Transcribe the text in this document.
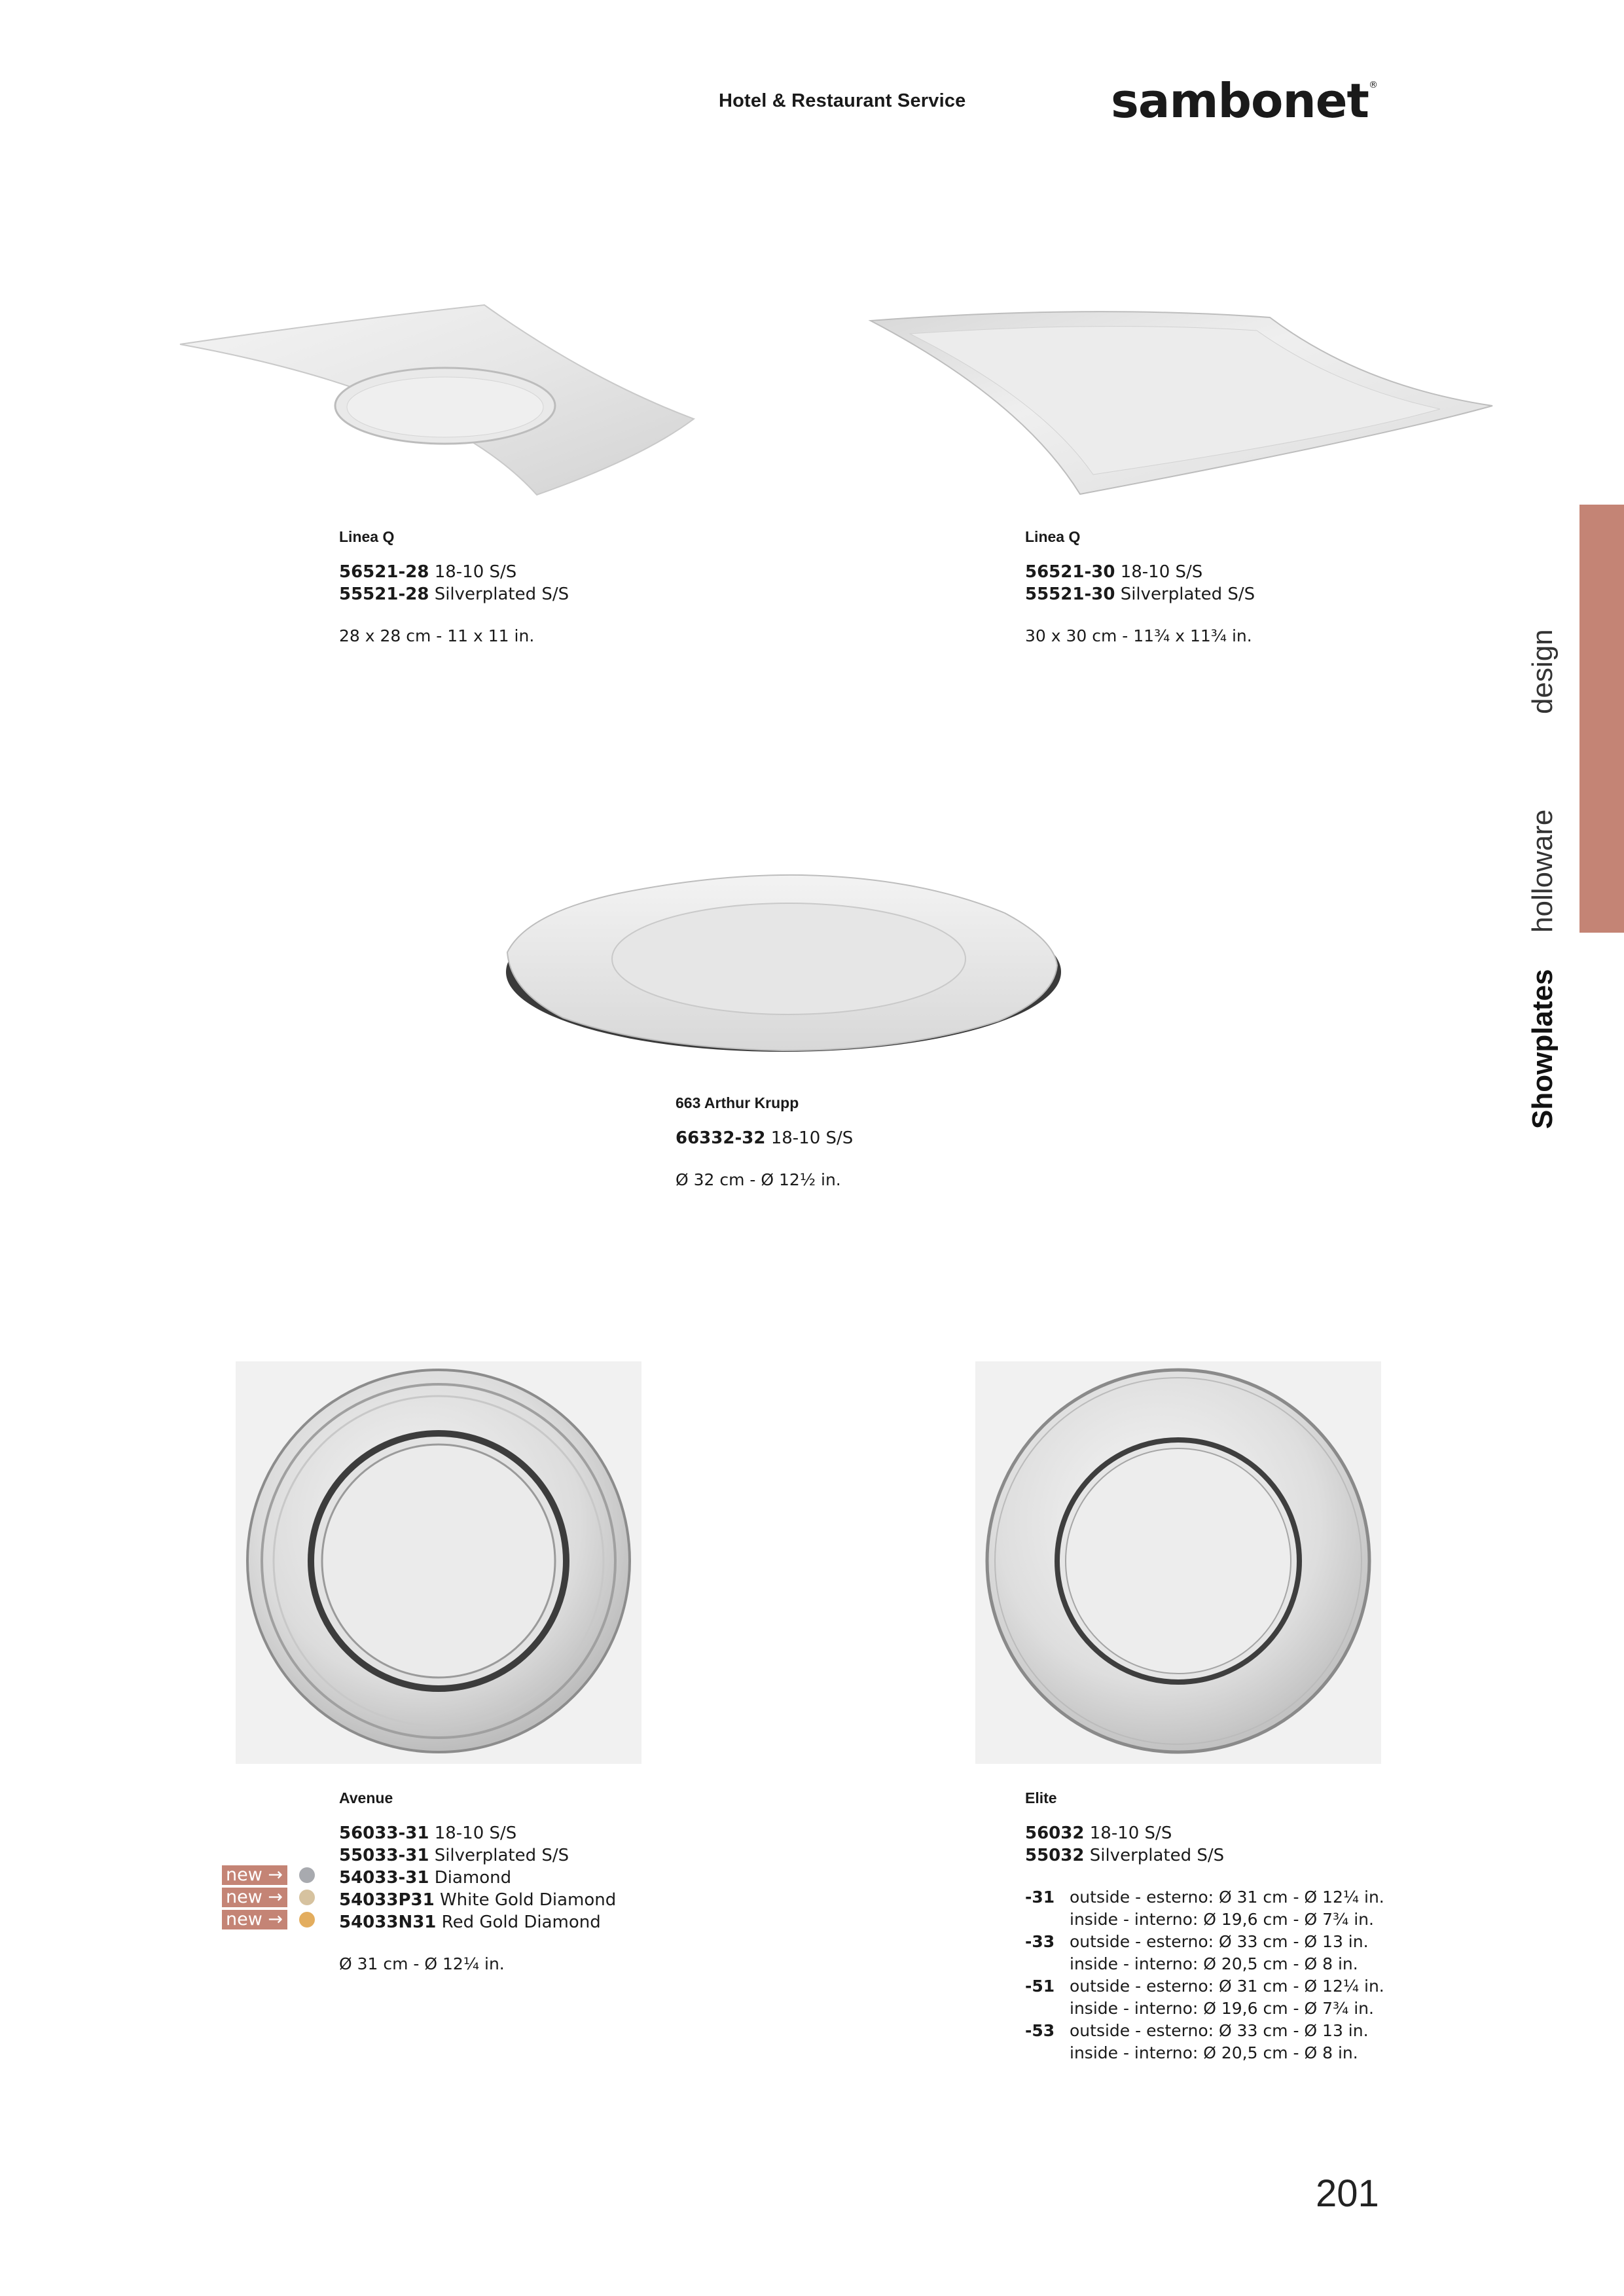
Hotel & Restaurant Service	sambonet®
design
holloware
Showplates
Linea Q
56521-28 18-10 S/S
55521-28 Silverplated S/S
28 x 28 cm - 11 x 11 in.
Linea Q
56521-30 18-10 S/S
55521-30 Silverplated S/S
30 x 30 cm - 11³⁄₄ x 11³⁄₄ in.
663 Arthur Krupp
66332-32 18-10 S/S
Ø 32 cm - Ø 12¹⁄₂ in.
Avenue
56033-31 18-10 S/S
55033-31 Silverplated S/S
54033-31 Diamond
54033P31 White Gold Diamond
54033N31 Red Gold Diamond
Ø 31 cm - Ø 12¹⁄₄ in.
new →
new →
new →
Elite
56032 18-10 S/S
55032 Silverplated S/S
-31	outside - esterno: Ø 31 cm - Ø 12¹⁄₄ in.
	inside - interno: Ø 19,6 cm - Ø 7³⁄₄ in.
-33	outside - esterno: Ø 33 cm - Ø 13 in.
	inside - interno: Ø 20,5 cm - Ø 8 in.
-51	outside - esterno: Ø 31 cm - Ø 12¹⁄₄ in.
	inside - interno: Ø 19,6 cm - Ø 7³⁄₄ in.
-53	outside - esterno: Ø 33 cm - Ø 13 in.
	inside - interno: Ø 20,5 cm - Ø 8 in.
201
